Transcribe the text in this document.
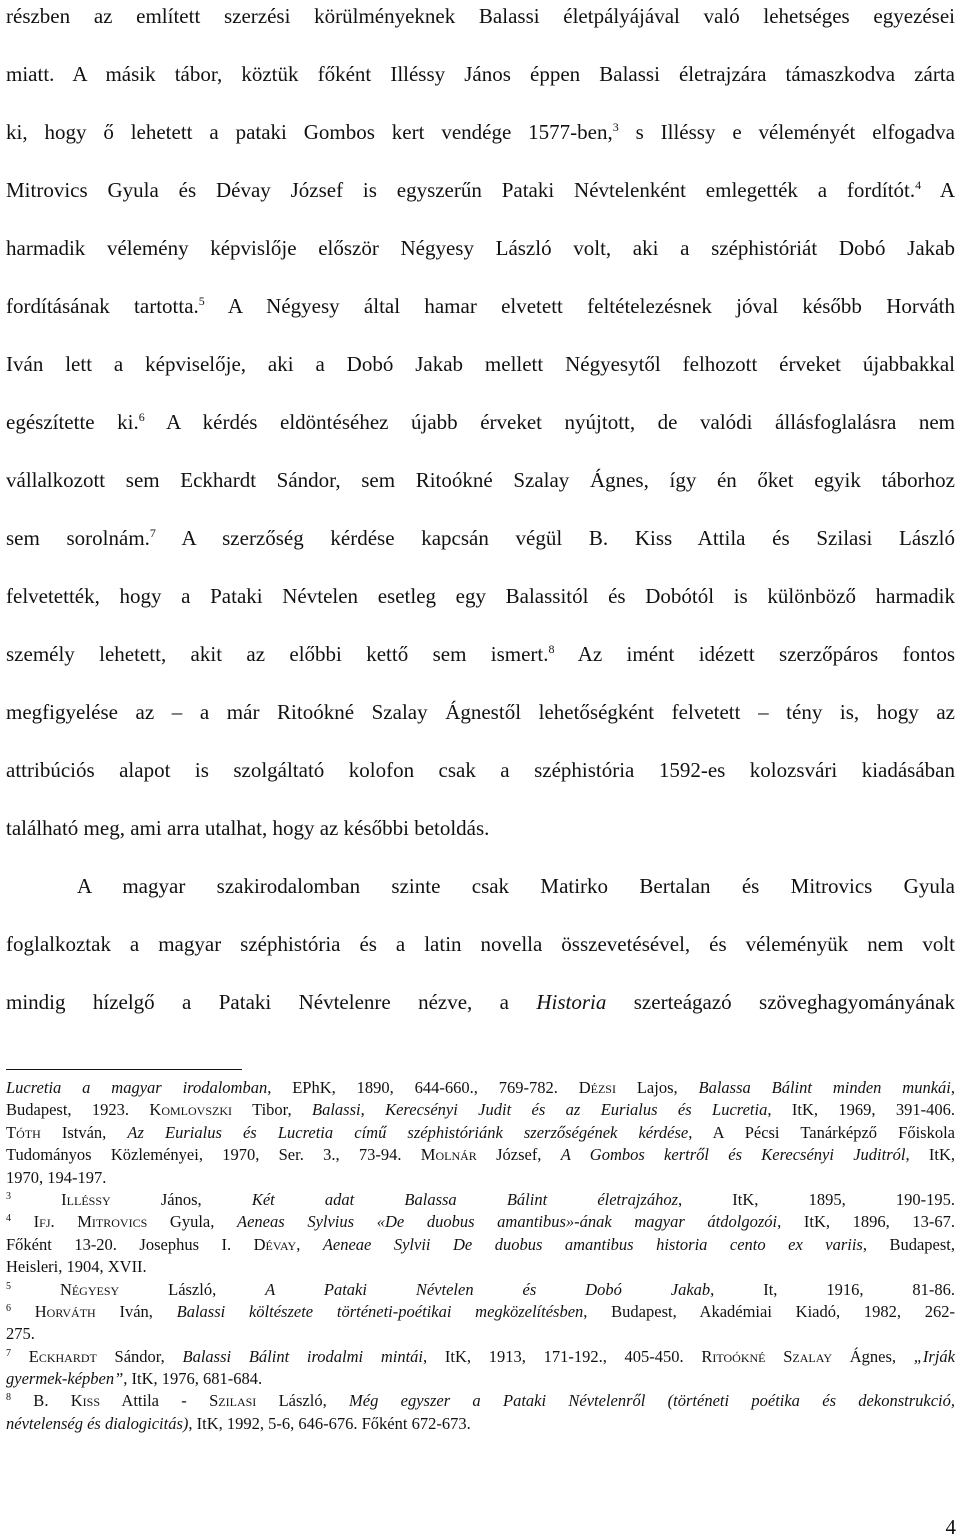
részben az említett szerzési körülményeknek Balassi életpályájával való lehetséges egyezései

miatt. A másik tábor, köztük főként Illéssy János éppen Balassi életrajzára támaszkodva zárta

ki, hogy ő lehetett a pataki Gombos kert vendége 1577-ben,$^3$ s Illéssy e véleményét elfogadva

Mitrovics Gyula és Dévay József is egyszerűn Pataki Névtelenként emlegették a fordítót.$^4$ A

harmadik vélemény képvislője először Négyesy László volt, aki a széphistóriát Dobó Jakab

fordításának tartotta.$^5$ A Négyesy által hamar elvetett feltételezésnek jóval később Horváth

Iván lett a képviselője, aki a Dobó Jakab mellett Négyesytől felhozott érveket újabbakkal

egészítette ki.$^6$ A kérdés eldöntéséhez újabb érveket nyújtott, de valódi állásfoglalásra nem

vállalkozott sem Eckhardt Sándor, sem Ritoókné Szalay Ágnes, így én őket egyik táborhoz

sem sorolnám.$^7$ A szerzőség kérdése kapcsán végül B. Kiss Attila és Szilasi László

felvetették, hogy a Pataki Névtelen esetleg egy Balassitól és Dobótól is különböző harmadik

személy lehetett, akit az előbbi kettő sem ismert.$^8$ Az imént idézett szerzőpáros fontos

megfigyelése az – a már Ritoókné Szalay Ágnestől lehetőségként felvetett – tény is, hogy az

attribúciós alapot is szolgáltató kolofon csak a széphistória 1592-es kolozsvári kiadásában

található meg, ami arra utalhat, hogy az későbbi betoldás.

A magyar szakirodalomban szinte csak Matirko Bertalan és Mitrovics Gyula

foglalkoztak a magyar széphistória és a latin novella összevetésével, és véleményük nem volt

mindig hízelgő a Pataki Névtelenre nézve, a Historia szerteágazó szöveghagyományának

Lucretia a magyar irodalomban, EPhK, 1890, 644-660., 769-782. Dézsi Lajos, Balassa Bálint minden munkái,

Budapest, 1923. Komlovszki Tibor, Balassi, Kerecsényi Judit és az Eurialus és Lucretia, ItK, 1969, 391-406.

Tóth István, Az Eurialus és Lucretia című széphistóriánk szerzőségének kérdése, A Pécsi Tanárképző Főiskola

Tudományos Közleményei, 1970, Ser. 3., 73-94. Molnár József, A Gombos kertről és Kerecsényi Juditról, ItK,

1970, 194-197.

$^3$	Illéssy János, Két adat Balassa Bálint életrajzához, ItK, 1895, 190-195.

$^4$ Ifj. Mitrovics Gyula, Aeneas Sylvius «De duobus amantibus»-ának magyar átdolgozói, ItK, 1896, 13-67.

Főként 13-20. Josephus I. Dévay, Aeneae Sylvii De duobus amantibus historia cento ex variis, Budapest,

Heisleri, 1904, XVII.

$^5$	Négyesy László, A Pataki Névtelen és Dobó Jakab, It, 1916, 81-86.

$^6$ Horváth Iván, Balassi költészete történeti-poétikai megközelítésben, Budapest, Akadémiai Kiadó, 1982, 262-

275.

$^7$ Eckhardt Sándor, Balassi Bálint irodalmi mintái, ItK, 1913, 171-192., 405-450. Ritoókné Szalay Ágnes, „Irják

gyermek-képben”, ItK, 1976, 681-684.

$^8$ B. Kiss Attila - Szilasi László, Még egyszer a Pataki Névtelenről (történeti poétika és dekonstrukció,

névtelenség és dialogicitás), ItK, 1992, 5-6, 646-676. Főként 672-673.

4
